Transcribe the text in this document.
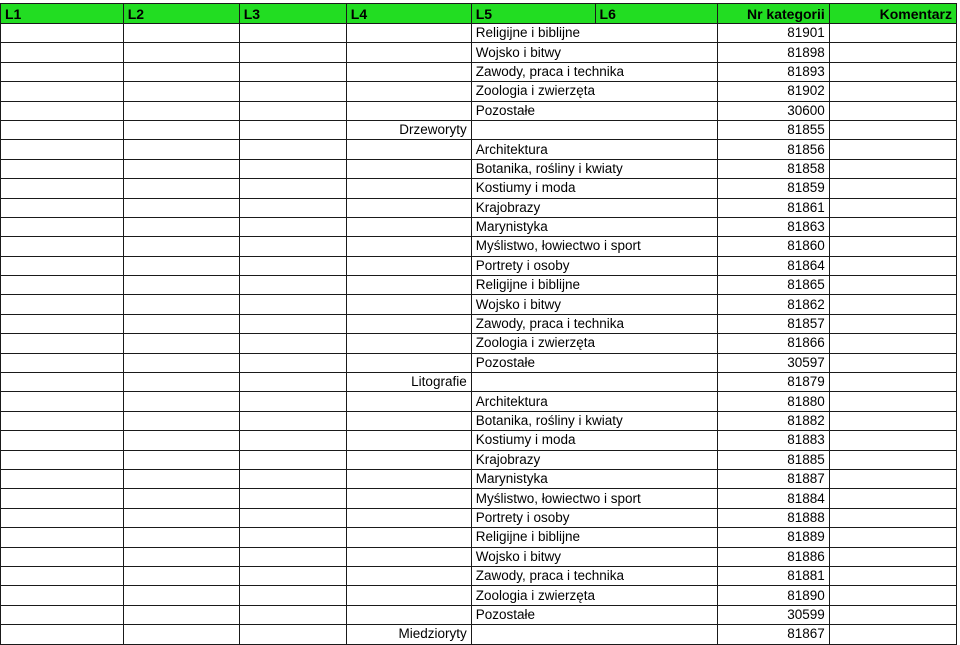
L1	L2	L3	L4	L5	L6	Nr kategorii	Komentarz
				Religijne i biblijne		81901	
				Wojsko i bitwy		81898	
				Zawody, praca i technika		81893	
				Zoologia i zwierzęta		81902	
				Pozostałe		30600	
			Drzeworyty			81855	
				Architektura		81856	
				Botanika, rośliny i kwiaty		81858	
				Kostiumy i moda		81859	
				Krajobrazy		81861	
				Marynistyka		81863	
				Myślistwo, łowiectwo i sport		81860	
				Portrety i osoby		81864	
				Religijne i biblijne		81865	
				Wojsko i bitwy		81862	
				Zawody, praca i technika		81857	
				Zoologia i zwierzęta		81866	
				Pozostałe		30597	
			Litografie			81879	
				Architektura		81880	
				Botanika, rośliny i kwiaty		81882	
				Kostiumy i moda		81883	
				Krajobrazy		81885	
				Marynistyka		81887	
				Myślistwo, łowiectwo i sport		81884	
				Portrety i osoby		81888	
				Religijne i biblijne		81889	
				Wojsko i bitwy		81886	
				Zawody, praca i technika		81881	
				Zoologia i zwierzęta		81890	
				Pozostałe		30599	
			Miedzioryty			81867	
